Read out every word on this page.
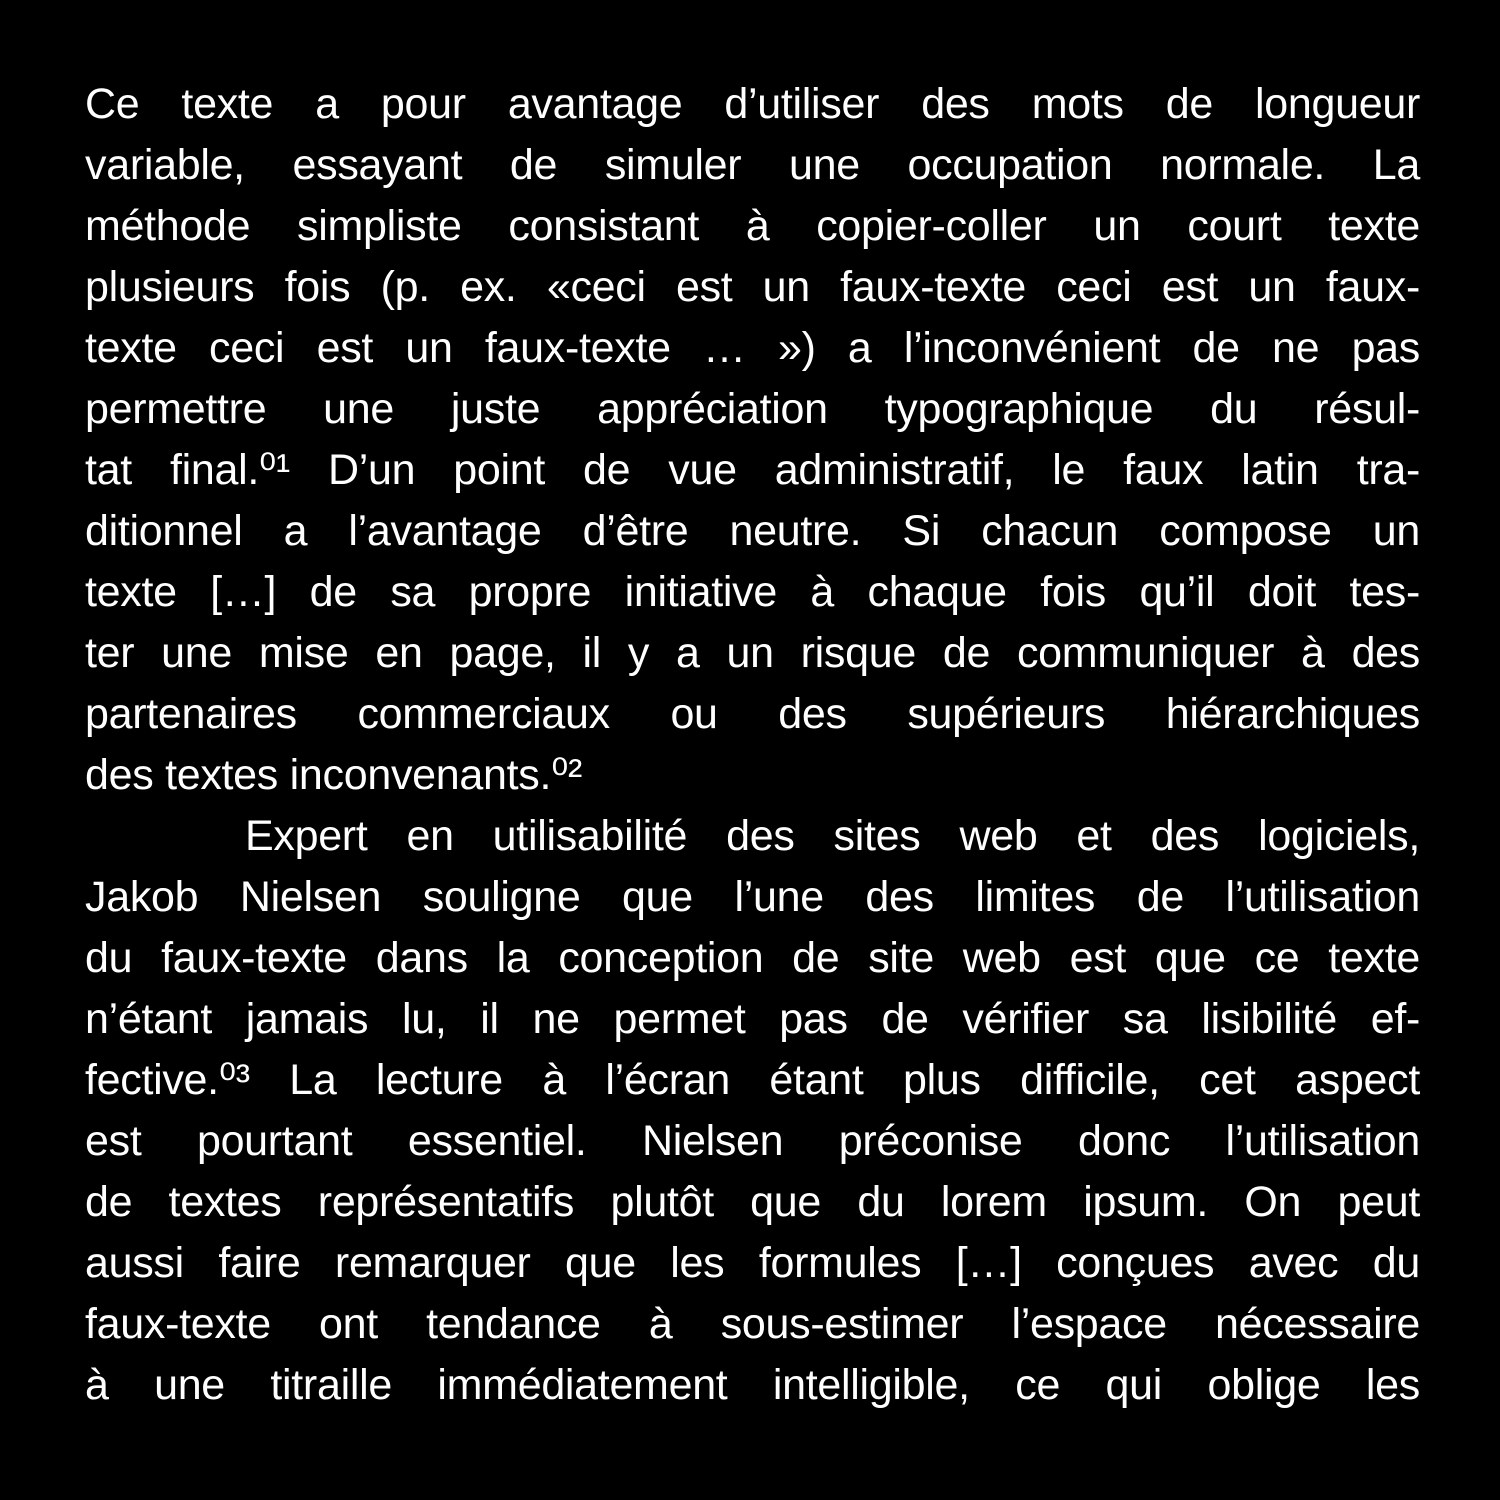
Ce texte a pour avantage d’utiliser des mots de longueur

variable, essayant de simuler une occupation normale. La

méthode simpliste consistant à copier-coller un court texte

plusieurs fois (p. ex. «ceci est un faux-texte ceci est un faux-

texte ceci est un faux-texte … ») a l’inconvénient de ne pas

permettre une juste appréciation typographique du résul-

tat final.⁰¹ D’un point de vue administratif, le faux latin tra-

ditionnel a l’avantage d’être neutre. Si chacun compose un

texte […] de sa propre initiative à chaque fois qu’il doit tes-

ter une mise en page, il y a un risque de communiquer à des

partenaires commerciaux ou des supérieurs hiérarchiques

des textes inconvenants.⁰²

Expert en utilisabilité des sites web et des logiciels,

Jakob Nielsen souligne que l’une des limites de l’utilisation

du faux-texte dans la conception de site web est que ce texte

n’étant jamais lu, il ne permet pas de vérifier sa lisibilité ef-

fective.⁰³ La lecture à l’écran étant plus difficile, cet aspect

est pourtant essentiel. Nielsen préconise donc l’utilisation

de textes représentatifs plutôt que du lorem ipsum. On peut

aussi faire remarquer que les formules […] conçues avec du

faux-texte ont tendance à sous-estimer l’espace nécessaire

à une titraille immédiatement intelligible, ce qui oblige les
